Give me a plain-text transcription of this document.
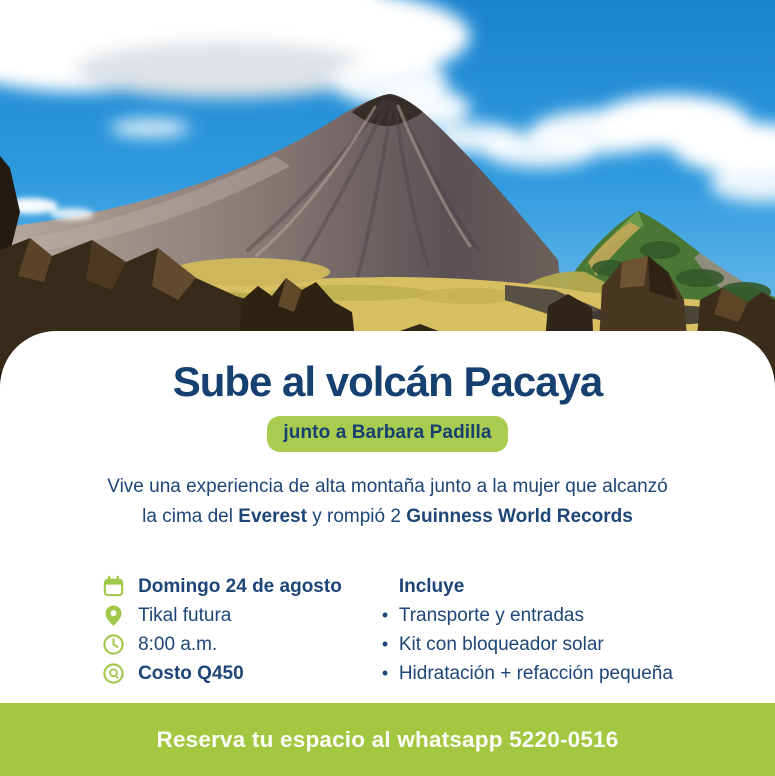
Sube al volcán Pacaya
junto a Barbara Padilla

Vive una experiencia de alta montaña junto a la mujer que alcanzó
la cima del Everest y rompió 2 Guinness World Records

Domingo 24 de agosto
Tikal futura
8:00 a.m.
Costo Q450
Incluye
• Transporte y entradas
• Kit con bloqueador solar
• Hidratación + refacción pequeña
Reserva tu espacio al whatsapp 5220-0516
